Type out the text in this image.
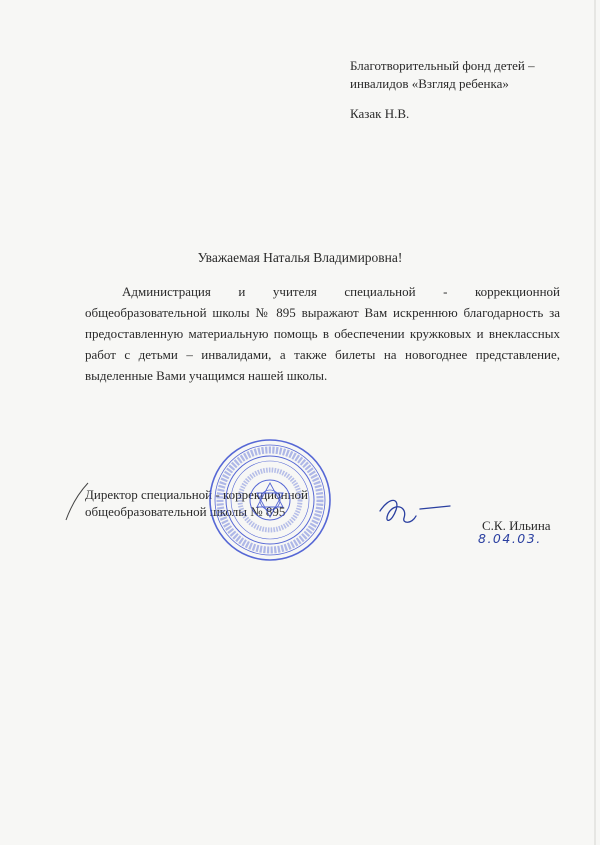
Благотворительный фонд детей –
инвалидов «Взгляд ребенка»
Казак Н.В.
Уважаемая Наталья Владимировна!
Администрация и учителя специальной - коррекционной общеобразовательной школы № 895 выражают Вам искреннюю благодарность за предоставленную материальную помощь в обеспечении кружковых и внеклассных работ с детьми – инвалидами, а также билеты на новогоднее представление, выделенные Вами учащимся нашей школы.
Директор специальной - коррекционной
общеобразовательной школы № 895
С.К. Ильина
8.04.03.
